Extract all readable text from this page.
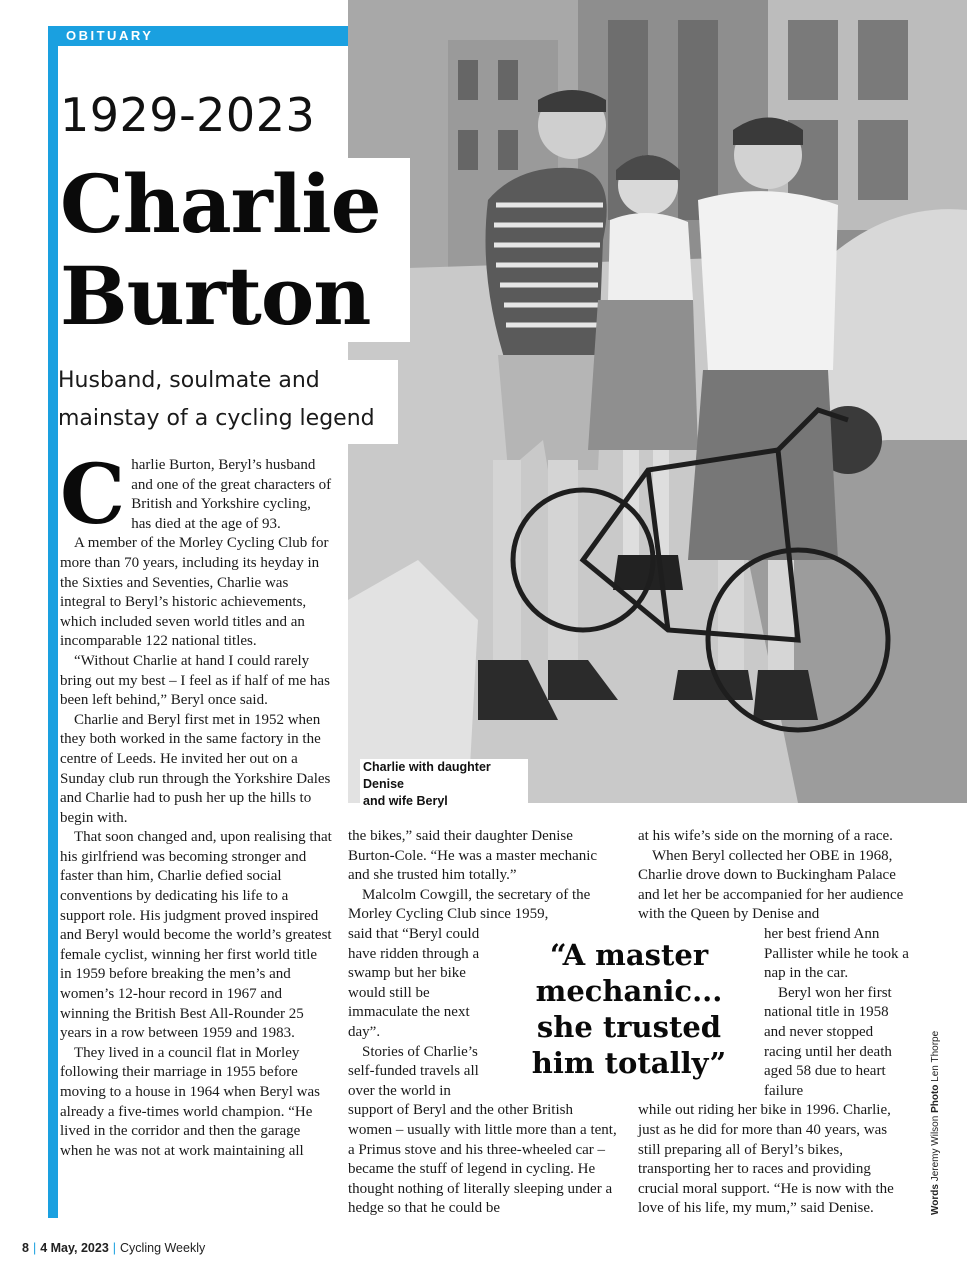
OBITUARY
Charlie with daughter Denise
and wife Beryl
1929-2023
Charlie
Burton
Husband, soulmate and
mainstay of a cycling legend
C harlie Burton, Beryl’s husband and one of the great characters of British and Yorkshire cycling, has died at the age of 93.

A member of the Morley Cycling Club for more than 70 years, including its heyday in the Sixties and Seventies, Charlie was integral to Beryl’s historic achievements, which included seven world titles and an incomparable 122 national titles.

“Without Charlie at hand I could rarely bring out my best – I feel as if half of me has been left behind,” Beryl once said.

Charlie and Beryl first met in 1952 when they both worked in the same factory in the centre of Leeds. He invited her out on a Sunday club run through the Yorkshire Dales and Charlie had to push her up the hills to begin with.

That soon changed and, upon realising that his girlfriend was becoming stronger and faster than him, Charlie defied social conventions by dedicating his life to a support role. His judgment proved inspired and Beryl would become the world’s greatest female cyclist, winning her first world title in 1959 before breaking the men’s and women’s 12-hour record in 1967 and winning the British Best All-Rounder 25 years in a row between 1959 and 1983.

They lived in a council flat in Morley following their marriage in 1955 before moving to a house in 1964 when Beryl was already a five-times world champion. “He lived in the corridor and then the garage when he was not at work maintaining all

the bikes,” said their daughter Denise Burton-Cole. “He was a master mechanic and she trusted him totally.”

Malcolm Cowgill, the secretary of the Morley Cycling Club since 1959,

said that “Beryl could have ridden through a swamp but her bike would still be immaculate the next day”.

Stories of Charlie’s self-funded travels all over the world in

support of Beryl and the other British women – usually with little more than a tent, a Primus stove and his three-wheeled car – became the stuff of legend in cycling. He thought nothing of literally sleeping under a hedge so that he could be

“A master
mechanic...
she trusted
him totally”

at his wife’s side on the morning of a race.

When Beryl collected her OBE in 1968, Charlie drove down to Buckingham Palace and let her be accompanied for her audience with the Queen by Denise and

her best friend Ann Pallister while he took a nap in the car.

Beryl won her first national title in 1958 and never stopped racing until her death aged 58 due to heart failure

while out riding her bike in 1996. Charlie, just as he did for more than 40 years, was still preparing all of Beryl’s bikes, transporting her to races and providing crucial moral support. “He is now with the love of his life, my mum,” said Denise.	Words Jeremy Wilson Photo Len Thorpe
8 | 4 May, 2023 | Cycling Weekly
